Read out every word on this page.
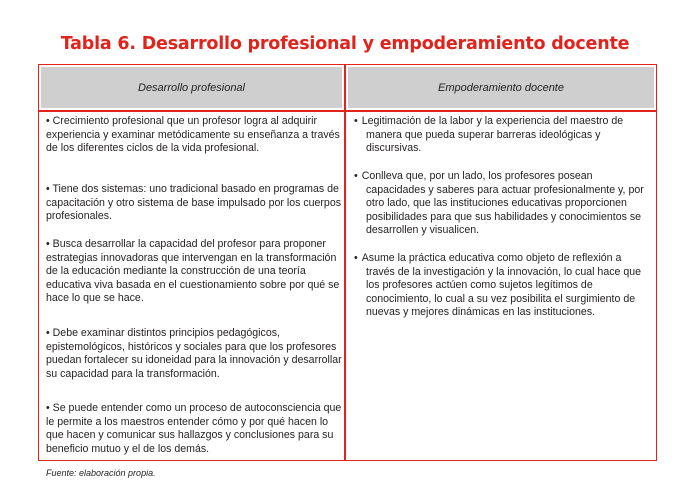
Tabla 6. Desarrollo profesional y empoderamiento docente
Desarrollo profesional	Empoderamiento docente

• Crecimiento profesional que un profesor logra al adquirir experiencia y examinar metódicamente su enseñanza a través de los diferentes ciclos de la vida profesional.

• Tiene dos sistemas: uno tradicional basado en programas de capacitación y otro sistema de base impulsado por los cuerpos profesionales.

• Busca desarrollar la capacidad del profesor para proponer estrategias innovadoras que intervengan en la transformación de la educación mediante la construcción de una teoría educativa viva basada en el cuestionamiento sobre por qué se hace lo que se hace.

• Debe examinar distintos principios pedagógicos, epistemológicos, históricos y sociales para que los profesores puedan fortalecer su idoneidad para la innovación y desarrollar su capacidad para la transformación.

• Se puede entender como un proceso de autoconsciencia que le permite a los maestros entender cómo y por qué hacen lo que hacen y comunicar sus hallazgos y conclusiones para su beneficio mutuo y el de los demás.

• Legitimación de la labor y la experiencia del maestro de manera que pueda superar barreras ideológicas y discursivas.

• Conlleva que, por un lado, los profesores posean capacidades y saberes para actuar profesionalmente y, por otro lado, que las instituciones educativas proporcionen posibilidades para que sus habilidades y conocimientos se desarrollen y visualicen.

• Asume la práctica educativa como objeto de reflexión a través de la investigación y la innovación, lo cual hace que los profesores actúen como sujetos legítimos de conocimiento, lo cual a su vez posibilita el surgimiento de nuevas y mejores dinámicas en las instituciones.

Fuente: elaboración propia.
